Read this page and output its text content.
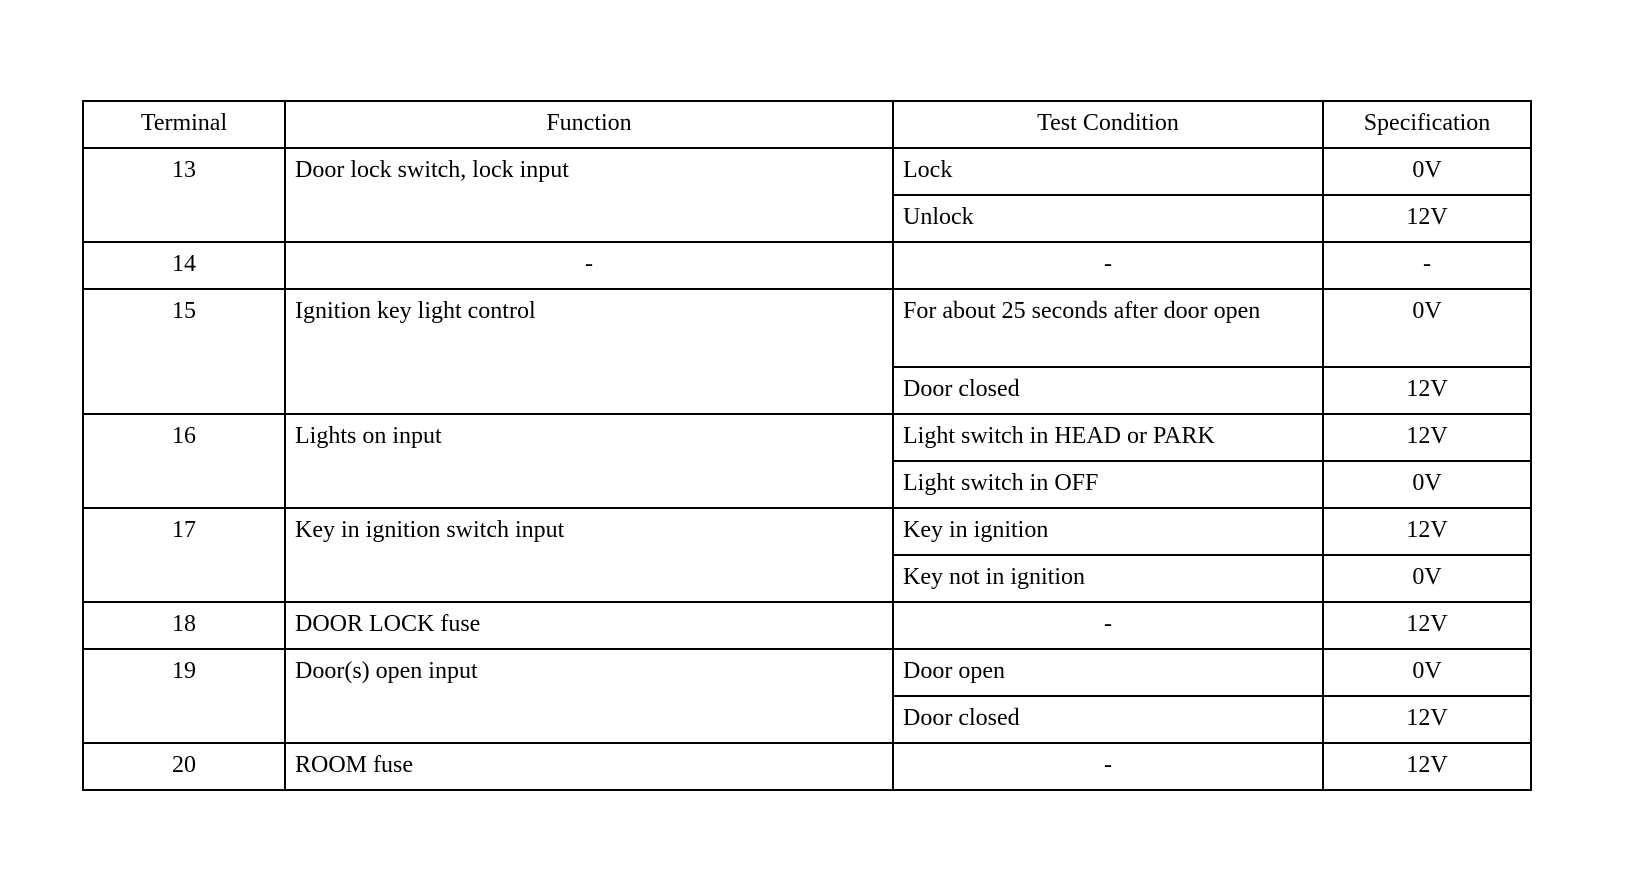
Terminal	Function	Test Condition	Specification
13	Door lock switch, lock input	Lock	0V
		Unlock	12V
14	-	-	-
15	Ignition key light control	For about 25 seconds after door open	0V
		Door closed	12V
16	Lights on input	Light switch in HEAD or PARK	12V
		Light switch in OFF	0V
17	Key in ignition switch input	Key in ignition	12V
		Key not in ignition	0V
18	DOOR LOCK fuse	-	12V
19	Door(s) open input	Door open	0V
		Door closed	12V
20	ROOM fuse	-	12V
